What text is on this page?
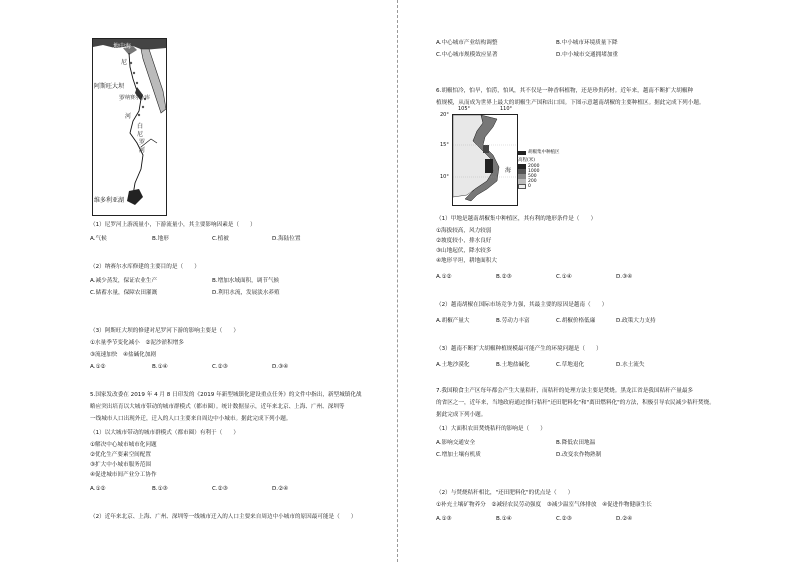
地中海
尼
阿斯旺大坝
罗 纳赛尔水库
河
白
尼
罗
河
维多利亚湖
（1）尼罗河上游流量小，下游流量小，其主要影响因素是（　　）
A.气候	B.地形	C.植被	D.海陆位置
（2）纳赛尔水库修建的主要目的是（　　）
A.减少蒸发，保证农业生产	B.增加水域面积，调节气候
C.储蓄水量，保障农田灌溉	D.利用水流，发展淡水养殖
（3）阿斯旺大坝的修建对尼罗河下游的影响主要是（　　）
①水量季节变化减小　②泥沙淤积增多
③流速加快　④盐碱化加剧
A.①②	B.①④	C.②③	D.③④
5.国家发改委在 2019 年 4 月 8 日印发的《2019 年新型城镇化建设重点任务》的文件中指出，新型城镇化战
略应突出培育以大城市带动的城市群模式（都市圈）。统计数据显示，近年来北京、上海、广州、深圳等
一线城市人口出现外迁，迁入的人口主要来自周边中小城市。据此完成下列小题。
（1）以大城市带动的城市群模式（都市圈）有利于（　　）
①解决中心城市城市化问题
②优化生产要素空间配置
③扩大中小城市服务范围
④促进城市间产业分工协作
A.①②	B.①③	C.②③	D.②④
（2）近年来北京、上海、广州、深圳等一线城市迁入的人口主要来自周边中小城市的原因最可能是（　　）
A.中心城市产业结构调整	B.中小城市环境质量下降
C.中心城市规模效应显著	D.中小城市交通拥堵加重
6.胡椒怕冷，怕旱，怕涝，怕风，其不仅是一种香料植物，还是珍贵药材。近年来，越南不断扩大胡椒种
植规模，从而成为世界上最大的胡椒生产国和出口国。下图示意越南胡椒的主要种植区。据此完成下列小题。
海
20°
15°
10°
105°	110°
胡椒集中种植区
高程(米)
2000
1000
500
200
0
（1）甲地是越南胡椒集中种植区，其有利的地形条件是（　　）
①海拔较高，风力较弱
②坡度较小，排水良好
③山地起伏，降水较多
④地形平坦，耕地面积大
A.①②	B.②③	C.①④	D.③④
（2）越南胡椒在国际市场竞争力强，其最主要的原因是越南（　　）
A.胡椒产量大	B.劳动力丰富	C.胡椒价格低廉	D.政策大力支持
（3）越南不断扩大胡椒种植规模最可能产生的环境问题是（　　）
A.土地沙漠化	B.土地盐碱化	C.草地退化	D.水土流失
7.我国粮食主产区每年都会产生大量秸秆，而秸秆的处理方法主要是焚烧。黑龙江省是我国秸秆产量最多
的省区之一，近年来，当地政府通过推行秸秆"还田肥料化"和"离田燃料化"的方法，积极引导农民减少秸秆焚烧。
据此完成下列小题。
（1）大面积农田焚烧秸秆的影响是（　　）
A.影响交通安全	B.降低农田地温
C.增加土壤有机质	D.改变农作物熟制
（2）与焚烧秸秆相比，"还田肥料化"的优点是（　　）
①补充土壤矿物养分　②减轻农民劳动强度　③减少温室气体排放　④促进作物健康生长
A.①③	B.①④	C.②③	D.②④
